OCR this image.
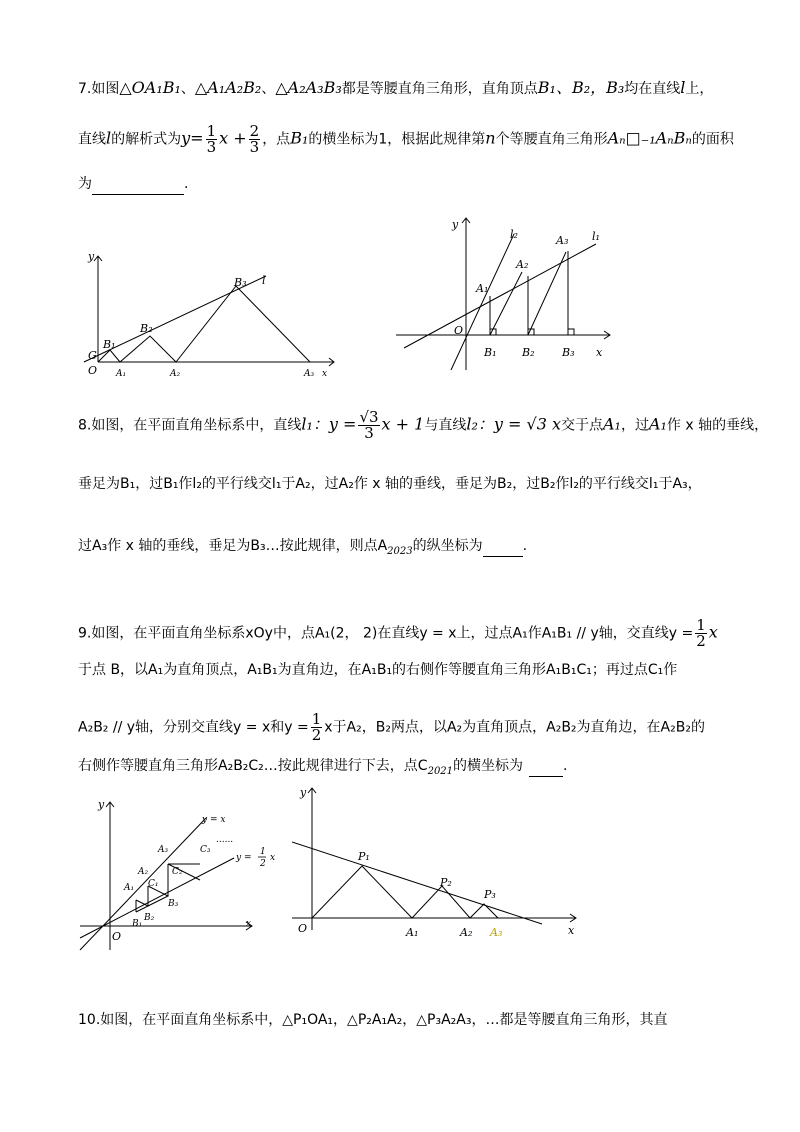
7.如图△OA₁B₁、△A₁A₂B₂、△A₂A₃B₃都是等腰直角三角形，直角顶点B₁、B₂，B₃均在直线l上，
直线l的解析式为$y= \frac{1}{3}$ $x + \frac{2}{3}$ ，点B₁的横坐标为1，根据此规律第n个等腰直角三角形Aₙ□₋₁AₙBₙ的面积
为	.
y
B₃ l
B₂
B₁
G
O A₁	A₂	A₃ x
y
l₂	A₃ l₁
A₂
A₁
O
B₁ B₂	B₃ x
8.如图，在平面直角坐标系中，直线l₁：$y = \frac{√3}{3}$ x + 1与直线l₂：y = √3 x交于点A₁，过A₁作 x 轴的垂线，
垂足为B₁，过B₁作l₂的平行线交l₁于A₂，过A₂作 x 轴的垂线，垂足为B₂，过B₂作l₂的平行线交l₁于A₃，
过A₃作 x 轴的垂线，垂足为B₃…按此规律，则点$A_{2023}$的纵坐标为	.
9.如图，在平面直角坐标系xOy中，点A₁(2， 2)在直线y = x上，过点A₁作A₁B₁ // y轴，交直线$y = \frac{1}{2}$ x
于点 B，以A₁为直角顶点，A₁B₁为直角边，在A₁B₁的右侧作等腰直角三角形A₁B₁C₁；再过点C₁作
A₂B₂ // y轴，分别交直线y = x和$y = \frac{1}{2}$ x于A₂，B₂两点，以A₂为直角顶点，A₂B₂为直角边，在A₂B₂的
右侧作等腰直角三角形A₂B₂C₂…按此规律进行下去，点$C_{2021}$的横坐标为	.
y
y = x
......
y =
1
2
x
A₃	C₃
A₂	C₂
A₁ C₁
B₃
B₂
B₁
O
x
y
P₁
P₂
P₃
O	A₁	A₂ A₃	x
10.如图，在平面直角坐标系中，△P₁OA₁，△P₂A₁A₂，△P₃A₂A₃，…都是等腰直角三角形，其直
